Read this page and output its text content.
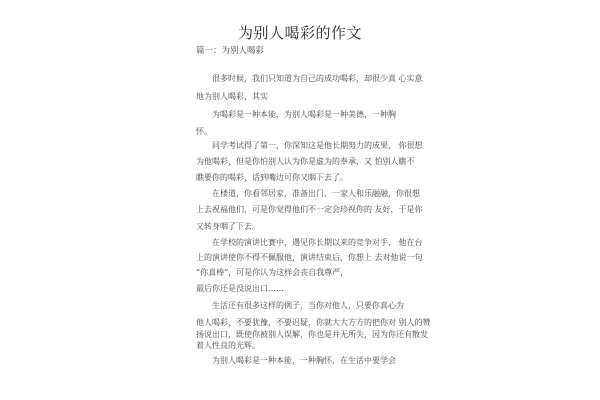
为别人喝彩的作文
篇一：为别人喝彩
很多时候，我们只知道为自己的成功喝彩，却很少真 心实意
地为别人喝彩，其实
为喝彩是一种本能，为别人喝彩是一种美德，一种胸
怀。
同学考试得了第一，你深知这是他长期努力的成果， 你很想
为他喝彩，但是你怕别人认为你是虚为的奉承，又 怕别人瞧不
瞧要你的喝彩，话到嘴边可你又咽下去了。
在楼道，你看邻居家，准备出门，一家人和乐融融，你很想
上去祝福他们，可是你觉得他们不一定会珍视你的 友好，于是你
又转身咽了下去。
在学校的演讲比赛中，遇见你长期以来的竞争对手， 他在台
上的演讲使你不得不佩服他，演讲结束后，你想上 去对他说一句
“你真棒”，可是你认为这样会丧自我尊严，
最后你还是没说出口……
生活还有很多这样的例子，当你对他人，只要你真心为
他人喝彩，不要犹豫，不要迟疑，你就大大方方的把你对 别人的赞
扬说出口，既使你被别人误解，你也是并无所失，因为你还有散发
着人性良的光辉。
为别人喝彩是一种本能，一种胸怀，在生活中要学会
